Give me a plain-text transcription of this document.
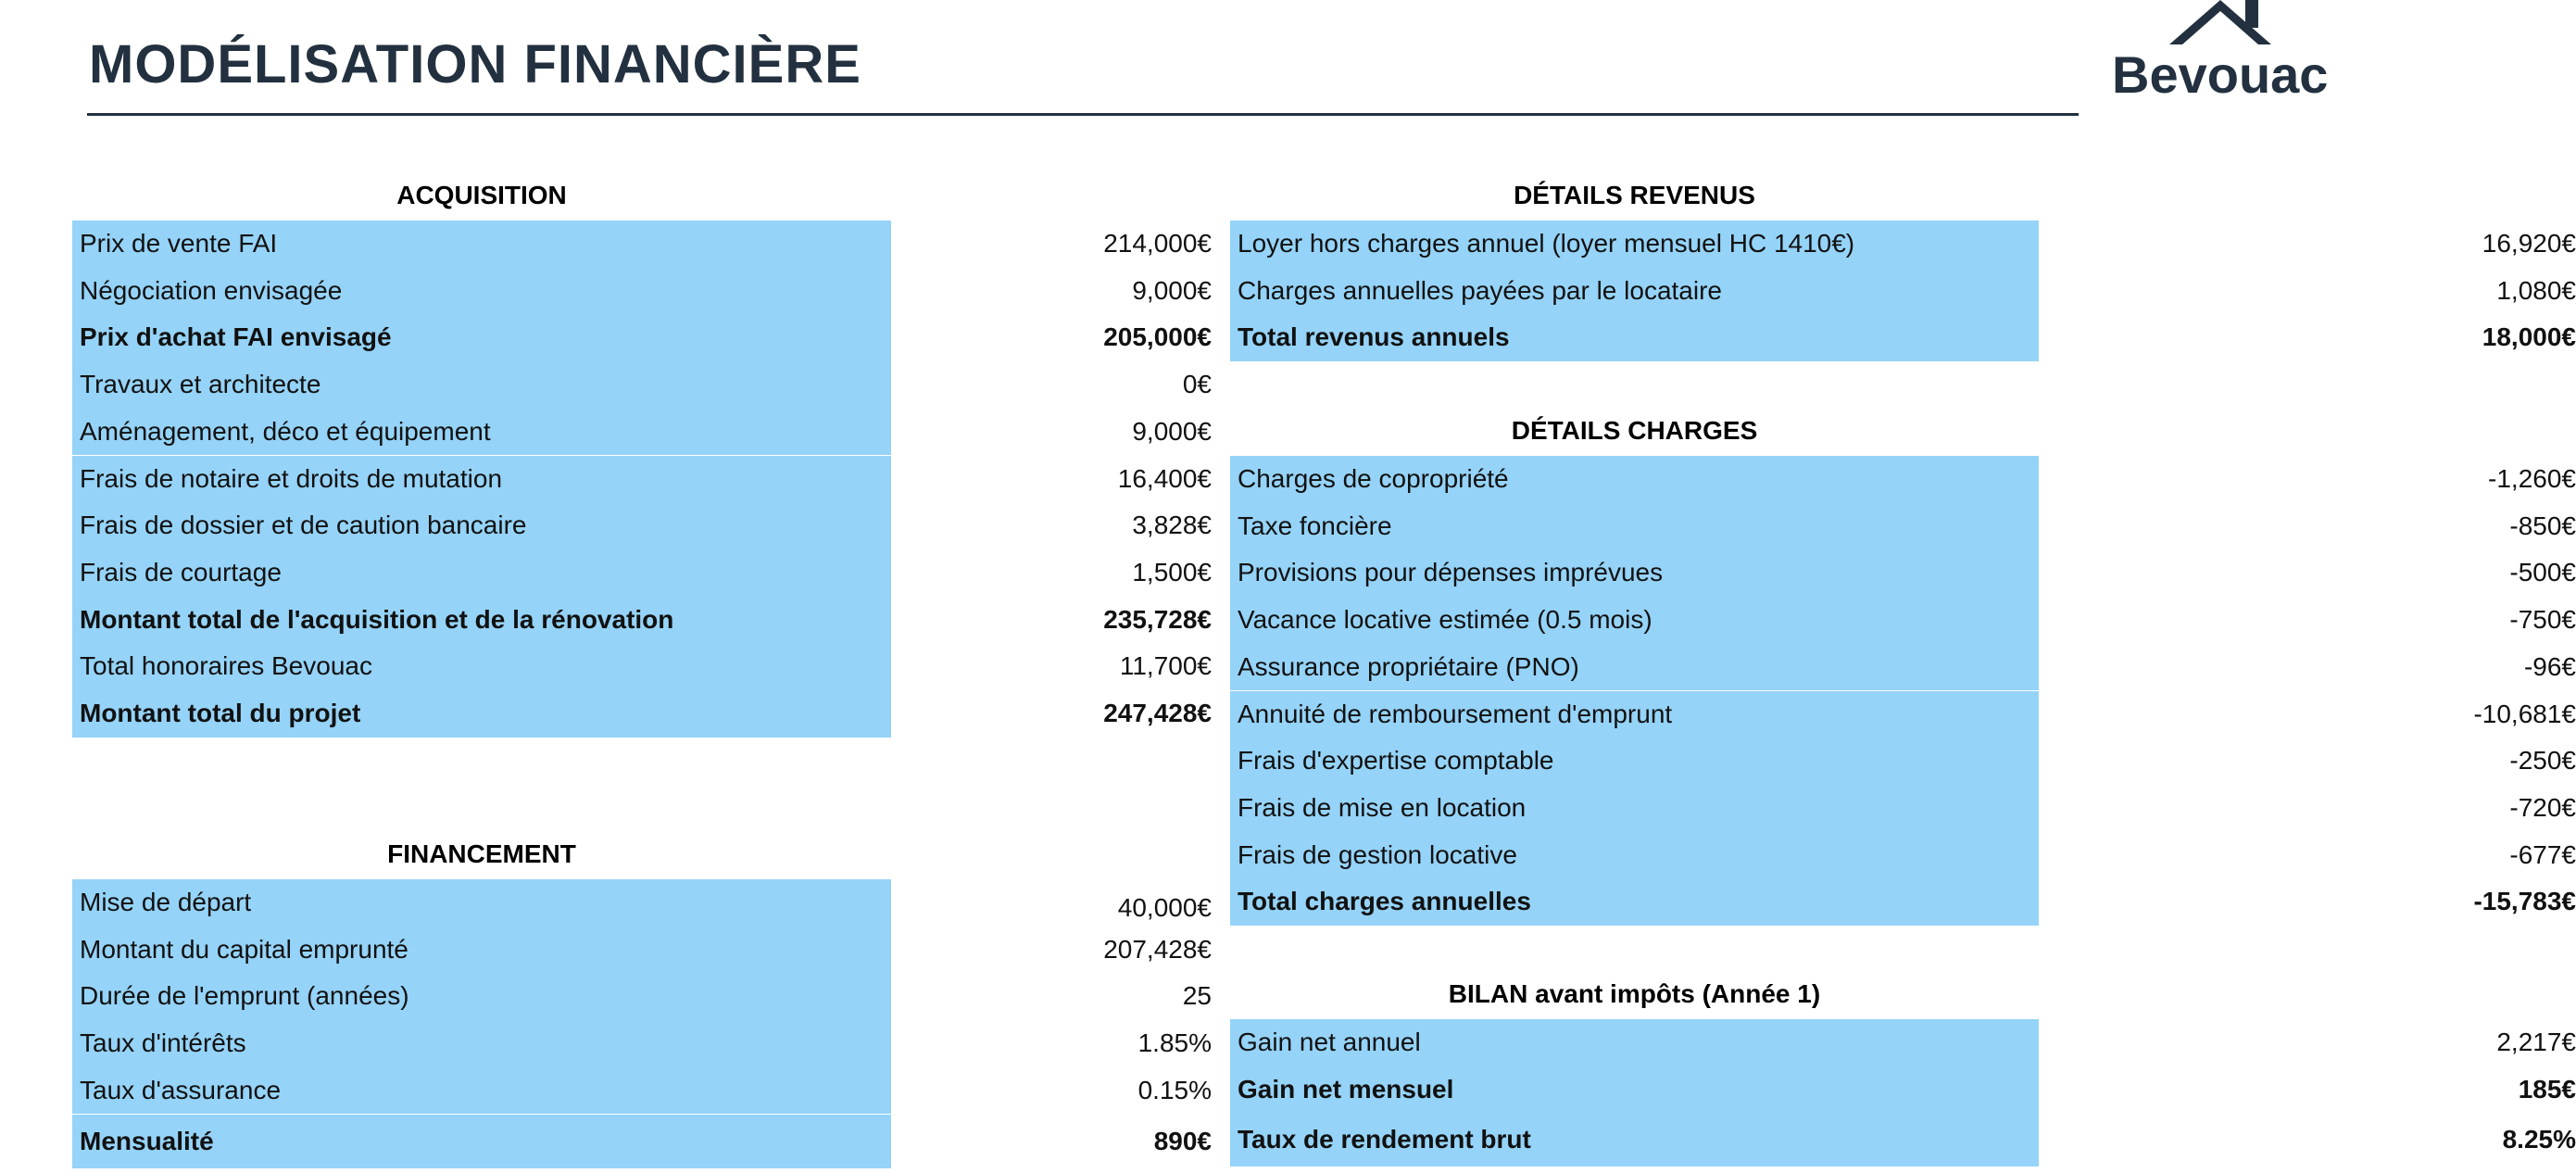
MODÉLISATION FINANCIÈRE	Bevouac
ACQUISITION
Prix de vente FAI	214,000€
Négociation envisagée	9,000€
Prix d'achat FAI envisagé	205,000€
Travaux et architecte	0€
Aménagement, déco et équipement	9,000€
Frais de notaire et droits de mutation	16,400€
Frais de dossier et de caution bancaire	3,828€
Frais de courtage	1,500€
Montant total de l'acquisition et de la rénovation	235,728€
Total honoraires Bevouac	11,700€
Montant total du projet	247,428€
FINANCEMENT
Mise de départ	40,000€
Montant du capital emprunté	207,428€
Durée de l'emprunt (années)	25
Taux d'intérêts	1.85%
Taux d'assurance	0.15%
Mensualité	890€
DÉTAILS REVENUS
Loyer hors charges annuel (loyer mensuel HC 1410€)	16,920€
Charges annuelles payées par le locataire	1,080€
Total revenus annuels	18,000€
DÉTAILS CHARGES
Charges de copropriété	-1,260€
Taxe foncière	-850€
Provisions pour dépenses imprévues	-500€
Vacance locative estimée (0.5 mois)	-750€
Assurance propriétaire (PNO)	-96€
Annuité de remboursement d'emprunt	-10,681€
Frais d'expertise comptable	-250€
Frais de mise en location	-720€
Frais de gestion locative	-677€
Total charges annuelles	-15,783€
BILAN avant impôts (Année 1)
Gain net annuel	2,217€
Gain net mensuel	185€
Taux de rendement brut	8.25%
